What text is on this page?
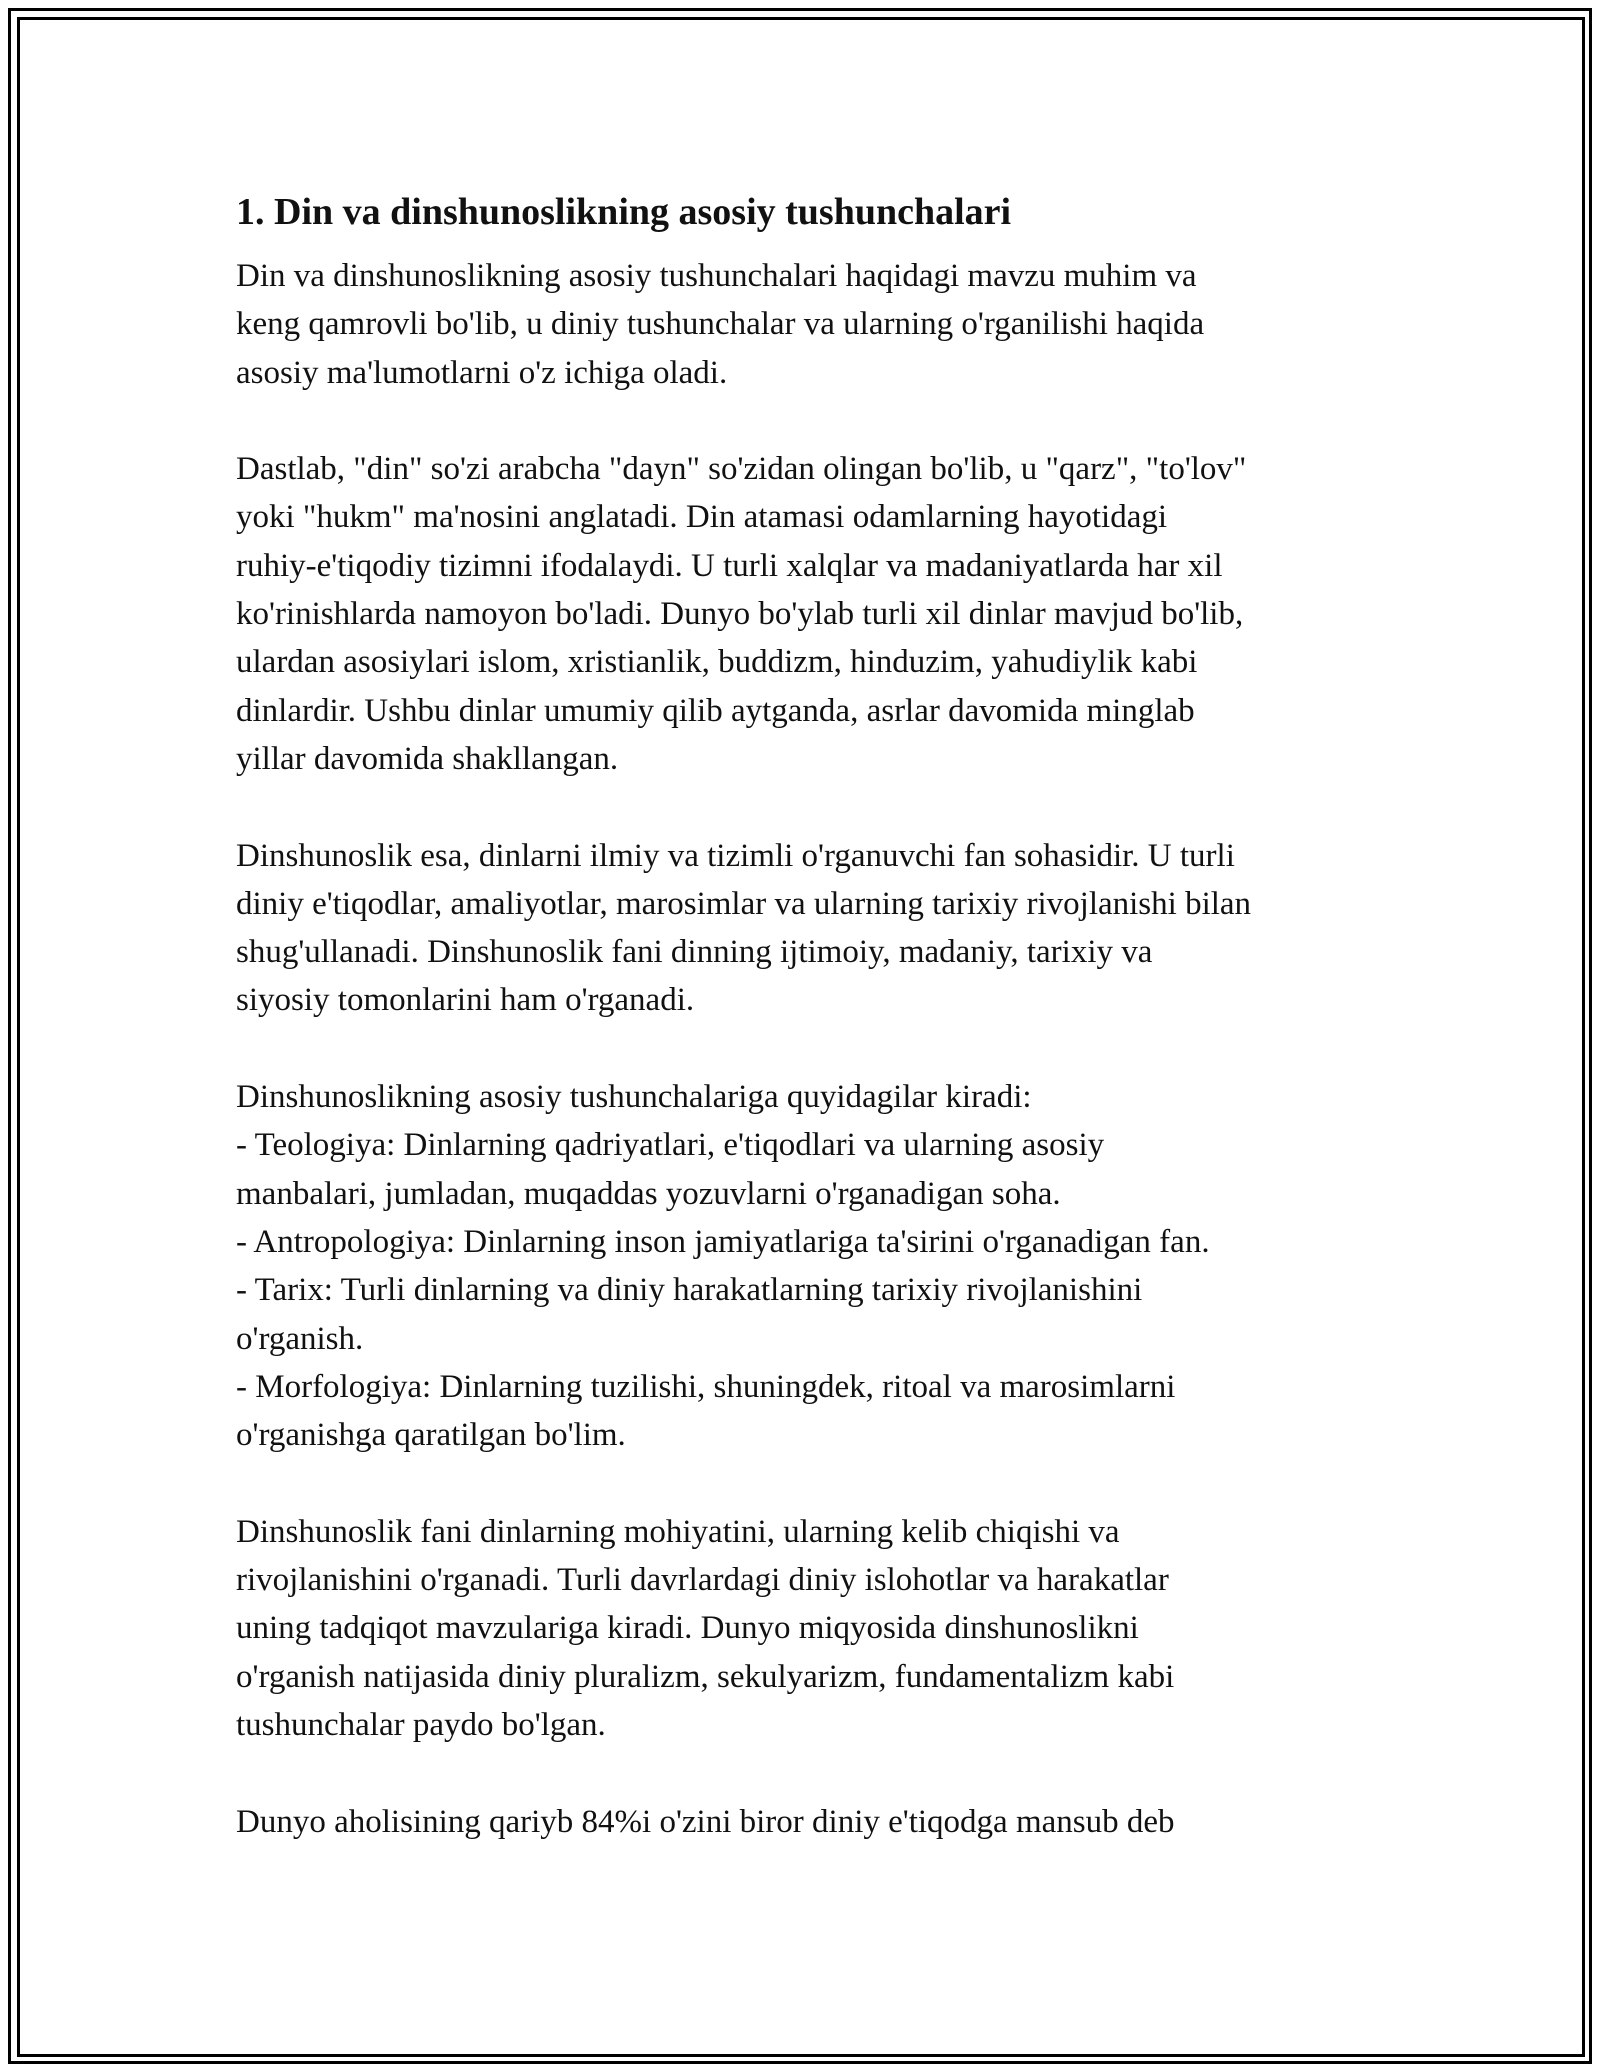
1. Din va dinshunoslikning asosiy tushunchalari
Din va dinshunoslikning asosiy tushunchalari haqidagi mavzu muhim va
keng qamrovli bo'lib, u diniy tushunchalar va ularning o'rganilishi haqida
asosiy ma'lumotlarni o'z ichiga oladi.
Dastlab, "din" so'zi arabcha "dayn" so'zidan olingan bo'lib, u "qarz", "to'lov"
yoki "hukm" ma'nosini anglatadi. Din atamasi odamlarning hayotidagi
ruhiy-e'tiqodiy tizimni ifodalaydi. U turli xalqlar va madaniyatlarda har xil
ko'rinishlarda namoyon bo'ladi. Dunyo bo'ylab turli xil dinlar mavjud bo'lib,
ulardan asosiylari islom, xristianlik, buddizm, hinduzim, yahudiylik kabi
dinlardir. Ushbu dinlar umumiy qilib aytganda, asrlar davomida minglab
yillar davomida shakllangan.
Dinshunoslik esa, dinlarni ilmiy va tizimli o'rganuvchi fan sohasidir. U turli
diniy e'tiqodlar, amaliyotlar, marosimlar va ularning tarixiy rivojlanishi bilan
shug'ullanadi. Dinshunoslik fani dinning ijtimoiy, madaniy, tarixiy va
siyosiy tomonlarini ham o'rganadi.
Dinshunoslikning asosiy tushunchalariga quyidagilar kiradi:
- Teologiya: Dinlarning qadriyatlari, e'tiqodlari va ularning asosiy
manbalari, jumladan, muqaddas yozuvlarni o'rganadigan soha.
- Antropologiya: Dinlarning inson jamiyatlariga ta'sirini o'rganadigan fan.
- Tarix: Turli dinlarning va diniy harakatlarning tarixiy rivojlanishini
o'rganish.
- Morfologiya: Dinlarning tuzilishi, shuningdek, ritoal va marosimlarni
o'rganishga qaratilgan bo'lim.
Dinshunoslik fani dinlarning mohiyatini, ularning kelib chiqishi va
rivojlanishini o'rganadi. Turli davrlardagi diniy islohotlar va harakatlar
uning tadqiqot mavzulariga kiradi. Dunyo miqyosida dinshunoslikni
o'rganish natijasida diniy pluralizm, sekulyarizm, fundamentalizm kabi
tushunchalar paydo bo'lgan.
Dunyo aholisining qariyb 84%i o'zini biror diniy e'tiqodga mansub deb
